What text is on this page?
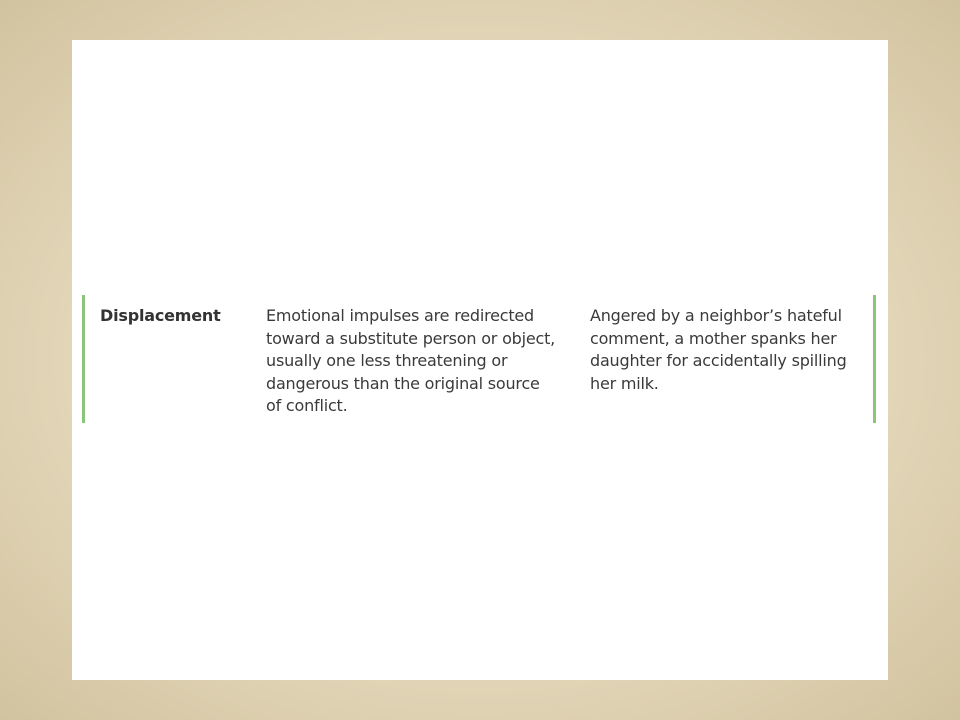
Displacement	Emotional impulses are redirected
toward a substitute person or object,
usually one less threatening or
dangerous than the original source
of conflict.
Angered by a neighbor’s hateful
comment, a mother spanks her
daughter for accidentally spilling
her milk.
